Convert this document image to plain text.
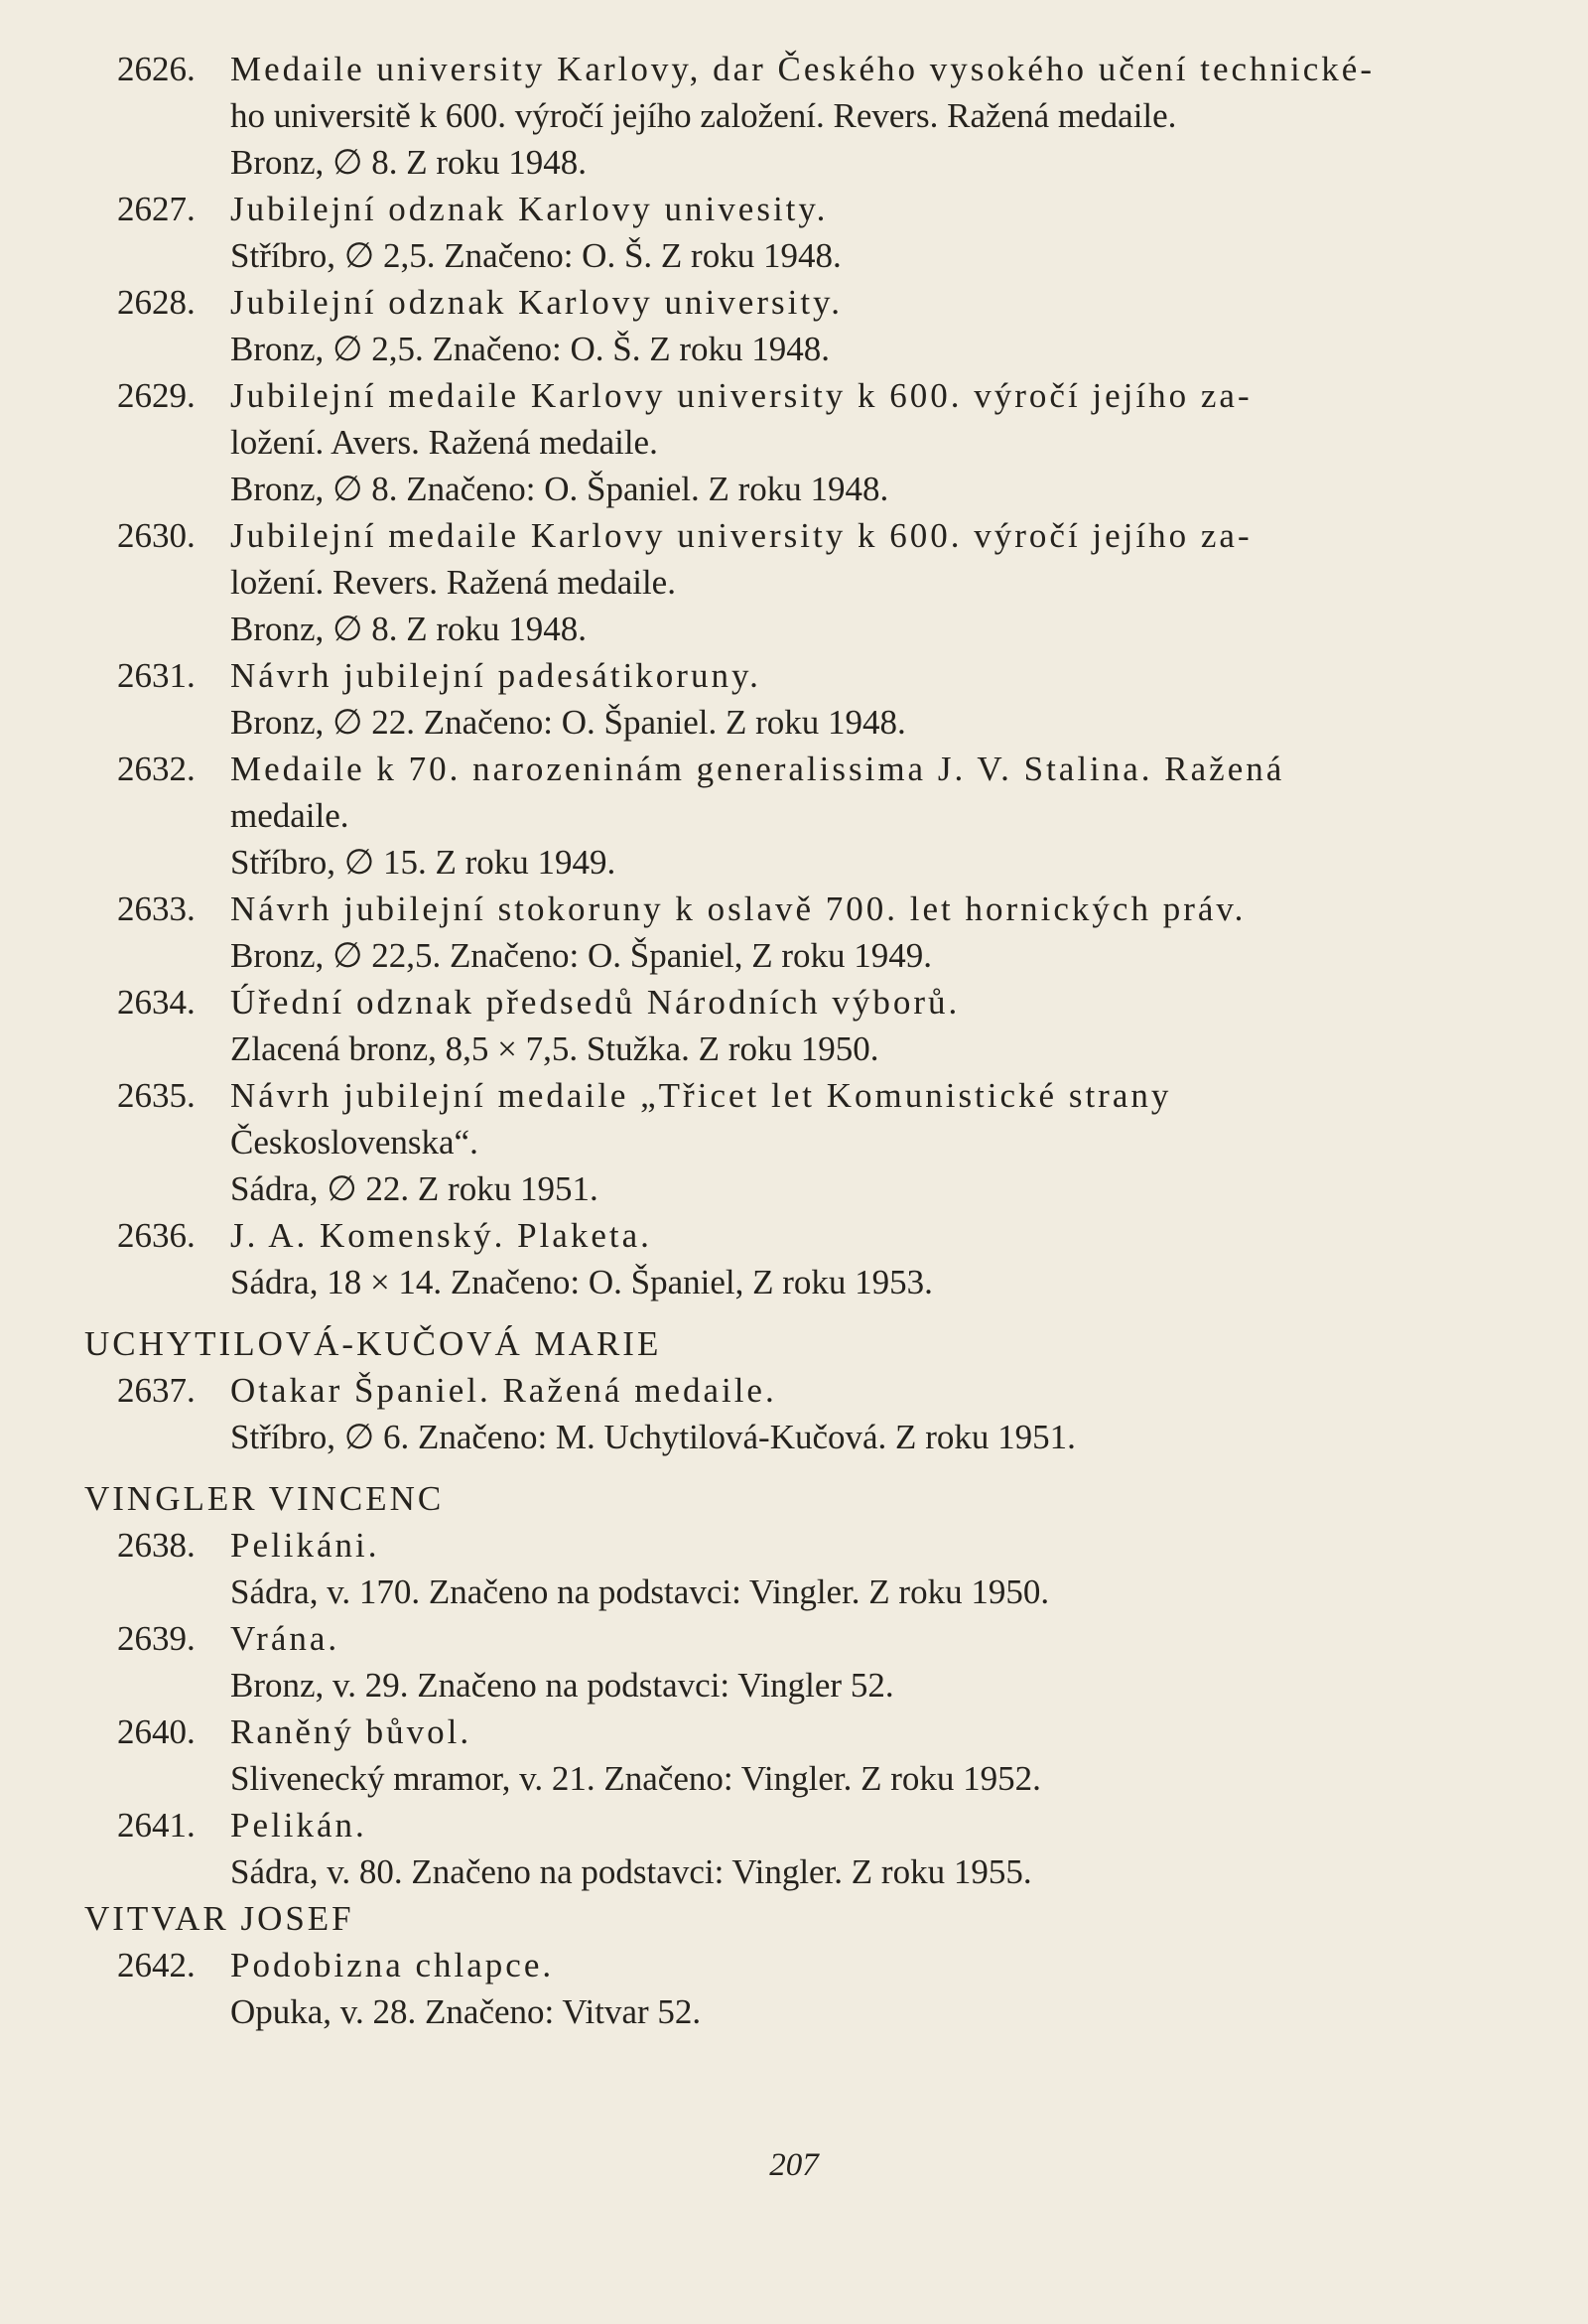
2626. Medaile university Karlovy, dar Českého vysokého učení technické-
ho universitě k 600. výročí jejího založení. Revers. Ražená medaile.
Bronz, ∅ 8. Z roku 1948.
2627. Jubilejní odznak Karlovy univesity.
Stříbro, ∅ 2,5. Značeno: O. Š. Z roku 1948.
2628. Jubilejní odznak Karlovy university.
Bronz, ∅ 2,5. Značeno: O. Š. Z roku 1948.
2629. Jubilejní medaile Karlovy university k 600. výročí jejího za-
ložení. Avers. Ražená medaile.
Bronz, ∅ 8. Značeno: O. Španiel. Z roku 1948.
2630. Jubilejní medaile Karlovy university k 600. výročí jejího za-
ložení. Revers. Ražená medaile.
Bronz, ∅ 8. Z roku 1948.
2631. Návrh jubilejní padesátikoruny.
Bronz, ∅ 22. Značeno: O. Španiel. Z roku 1948.
2632. Medaile k 70. narozeninám generalissima J. V. Stalina. Ražená
medaile.
Stříbro, ∅ 15. Z roku 1949.
2633. Návrh jubilejní stokoruny k oslavě 700. let hornických práv.
Bronz, ∅ 22,5. Značeno: O. Španiel, Z roku 1949.
2634. Úřední odznak předsedů Národních výborů.
Zlacená bronz, 8,5 × 7,5. Stužka. Z roku 1950.
2635. Návrh jubilejní medaile „Třicet let Komunistické strany
Československa“.
Sádra, ∅ 22. Z roku 1951.
2636. J. A. Komenský. Plaketa.
Sádra, 18 × 14. Značeno: O. Španiel, Z roku 1953.
UCHYTILOVÁ-KUČOVÁ MARIE
2637. Otakar Španiel. Ražená medaile.
Stříbro, ∅ 6. Značeno: M. Uchytilová-Kučová. Z roku 1951.
VINGLER VINCENC
2638. Pelikáni.
Sádra, v. 170. Značeno na podstavci: Vingler. Z roku 1950.
2639. Vrána.
Bronz, v. 29. Značeno na podstavci: Vingler 52.
2640. Raněný bůvol.
Slivenecký mramor, v. 21. Značeno: Vingler. Z roku 1952.
2641. Pelikán.
Sádra, v. 80. Značeno na podstavci: Vingler. Z roku 1955.
VITVAR JOSEF
2642. Podobizna chlapce.
Opuka, v. 28. Značeno: Vitvar 52.
207
